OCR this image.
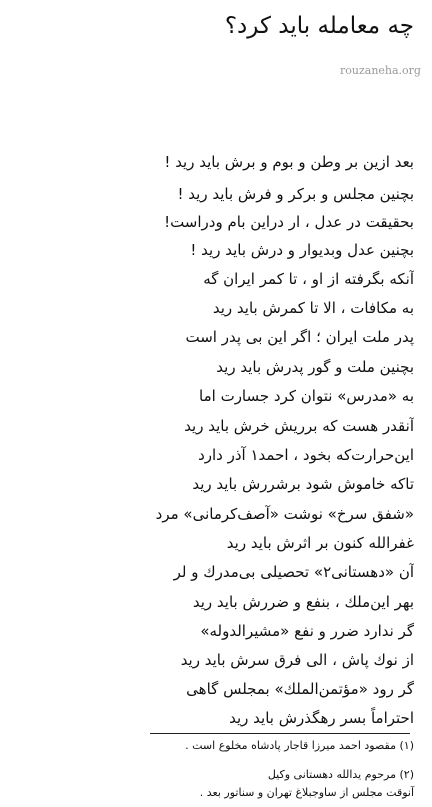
چه معامله باید کرد؟
rouzaneha.org
بعد ازین بر وطن و بوم و برش باید رید !
بچنین مجلس و برکر و فرش باید رید !
بحقیقت در عدل ، ار دراین بام ودراست!
بچنین عدل وبدیوار و درش باید رید !
آنکه بگرفته از او ، تا کمر ایران گه
به مکافات ، الا تا کمرش باید رید
پدر ملت ایران ؛ اگر این بی پدر است
بچنین ملت و گور پدرش باید رید
به «مدرس» نتوان کرد جسارت اما
آنقدر هست که برریش خرش باید رید
این‌حرارت‌که بخود ، احمد۱ آذر دارد
تاکه خاموش شود برشررش باید رید
«شفق سرخ» نوشت «آصف‌کرمانی» مرد
غفرالله کنون بر اثرش باید رید
آن «دهستانی۲» تحصیلی بی‌مدرك و لر
بهر این‌ملك ، بنفع و ضررش باید رید
گر ندارد ضرر و نفع «مشیرالدوله»
از نوك پاش ، الی فرق سرش باید رید
گر رود «مؤتمن‌الملك» بمجلس گاهی
احتراماً بسر رهگذرش باید رید
(۱) مقصود احمد میرزا قاجار پادشاه مخلوع است .
(۲) مرحوم یدالله دهستانی وکیل
آنوقت مجلس از ساوجبلاغ تهران و سناتور بعد .
